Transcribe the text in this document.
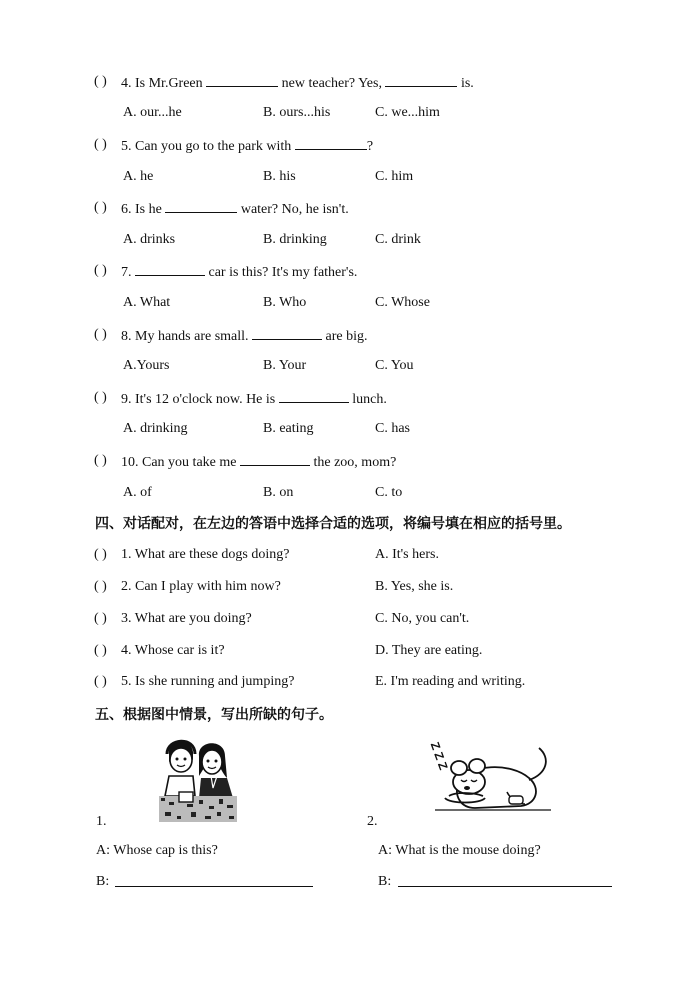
( ) 4. Is Mr.Green	new teacher? Yes,	is.
A. our...he	B. ours...his	C. we...him
( ) 5. Can you go to the park with	?
A. he	B. his	C. him
( ) 6. Is he	water? No, he isn't.
A. drinks	B. drinking	C. drink
( ) 7.	car is this? It's my father's.
A. What	B. Who	C. Whose
( ) 8. My hands are small.	are big.
A.Yours	B. Your	C. You
( ) 9. It's 12 o'clock now. He is	lunch.
A. drinking	B. eating	C. has
( ) 10. Can you take me	the zoo, mom?
A. of	B. on	C. to
四、对话配对，在左边的答语中选择合适的选项，将编号填在相应的括号里。
( ) 1. What are these dogs doing?	A. It's hers.
( ) 2. Can I play with him now?	B. Yes, she is.
( ) 3. What are you doing?	C. No, you can't.
( ) 4. Whose car is it?	D. They are eating.
( ) 5. Is she running and jumping?	E. I'm reading and writing.
五、根据图中情景，写出所缺的句子。
Z Z Z
1.	2.
A: Whose cap is this?	A: What is the mouse doing?
B:	B:
